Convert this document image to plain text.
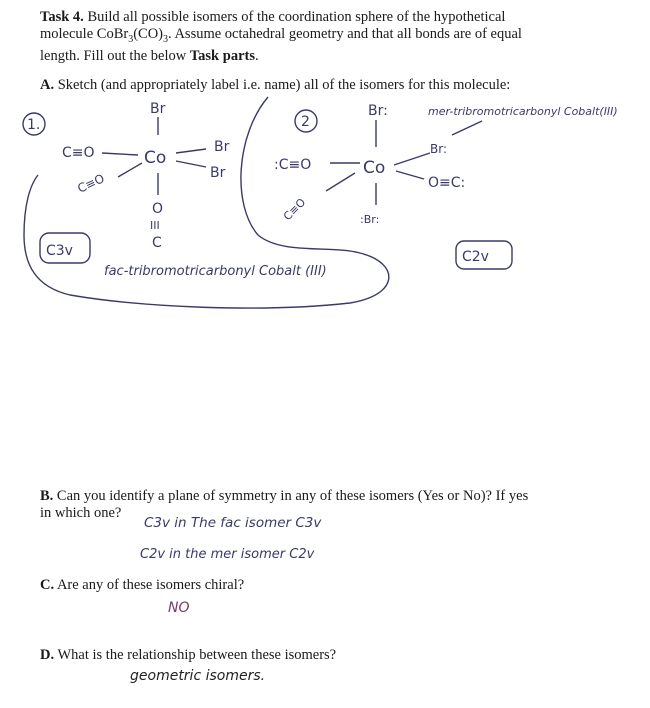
Task 4. Build all possible isomers of the coordination sphere of the hypothetical
molecule $CoBr_3(CO)_3$. Assume octahedral geometry and that all bonds are of equal
length. Fill out the below Task parts.
A. Sketch (and appropriately label i.e. name) all of the isomers for this molecule:
1.	2
Br
C≡O
C≡O
Co
Br
Br
O
III
C
C3v
fac-tribromotricarbonyl Cobalt (III)
Br:	mer-tribromotricarbonyl Cobalt(III)
:C≡O	Co
Br:
O≡C:
C≡O	:Br:
C2v
B. Can you identify a plane of symmetry in any of these isomers (Yes or No)? If yes
in which one?
C3v in The fac isomer C3v
C2v in the mer isomer C2v
C. Are any of these isomers chiral?
NO
D. What is the relationship between these isomers?
geometric isomers.
